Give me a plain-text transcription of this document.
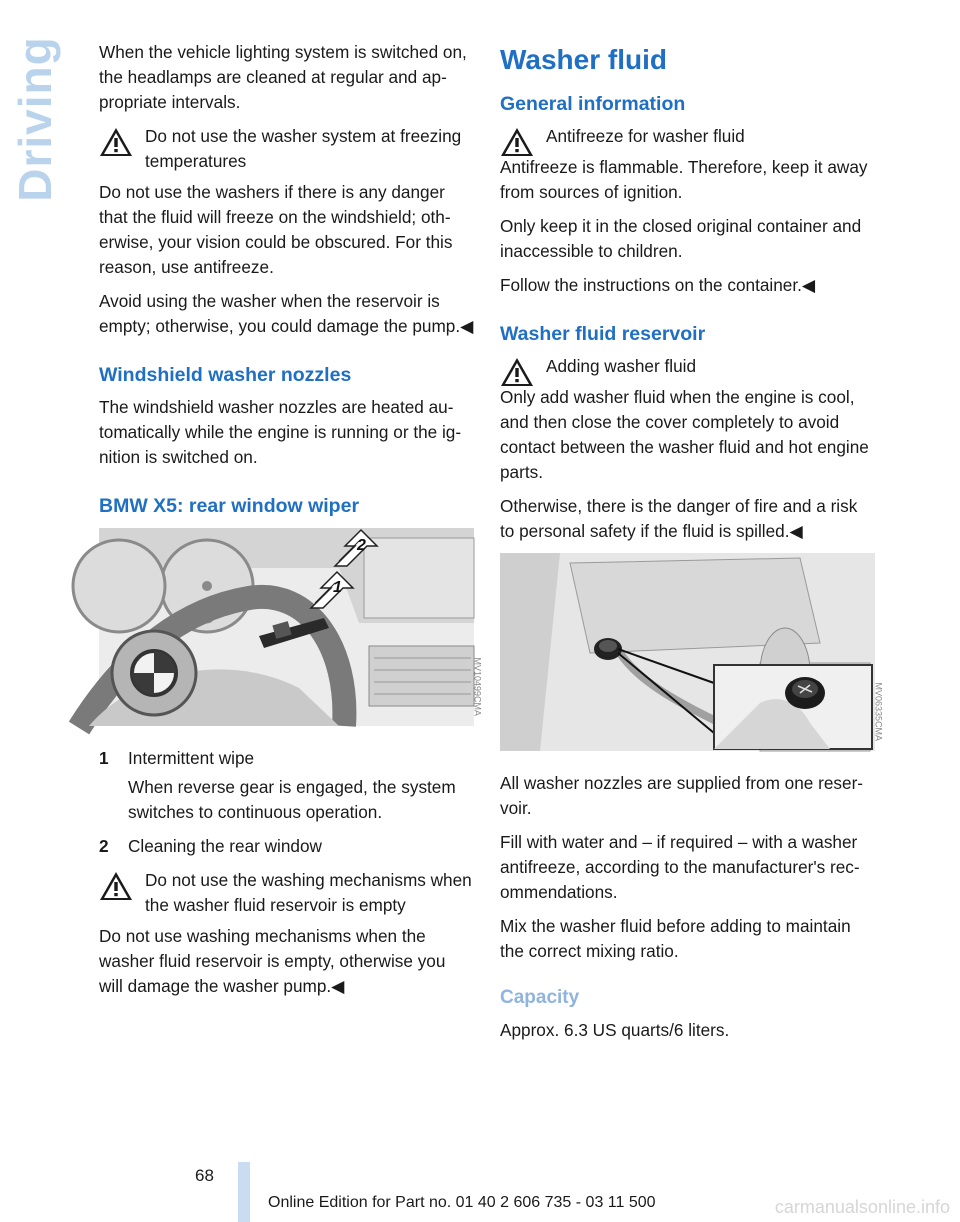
Driving When the vehicle lighting system is switched on, the headlamps are cleaned at regular and ap-propriate intervals.

Do not use the washer system at freezing temperatures

Do not use the washers if there is any danger that the fluid will freeze on the windshield; oth-erwise, your vision could be obscured. For this reason, use antifreeze.

Avoid using the washer when the reservoir is empty; otherwise, you could damage the pump.◀

Windshield washer nozzles

The windshield washer nozzles are heated au-tomatically while the engine is running or the ig-nition is switched on.

BMW X5: rear window wiper
1
2
MV10499CMA
1 Intermittent wipe

When reverse gear is engaged, the system switches to continuous operation.

2 Cleaning the rear window

Do not use the washing mechanisms when the washer fluid reservoir is empty

Do not use washing mechanisms when the washer fluid reservoir is empty, otherwise you will damage the washer pump.◀

Washer fluid
General information

Antifreeze for washer fluid

Antifreeze is flammable. Therefore, keep it away from sources of ignition.

Only keep it in the closed original container and inaccessible to children.

Follow the instructions on the container.◀

Washer fluid reservoir

Adding washer fluid

Only add washer fluid when the engine is cool, and then close the cover completely to avoid contact between the washer fluid and hot engine parts.

Otherwise, there is the danger of fire and a risk to personal safety if the fluid is spilled.◀

MV06335CMA

All washer nozzles are supplied from one reser-voir.

Fill with water and – if required – with a washer antifreeze, according to the manufacturer's rec-ommendations.

Mix the washer fluid before adding to maintain the correct mixing ratio.

Capacity

Approx. 6.3 US quarts/6 liters.

68
Online Edition for Part no. 01 40 2 606 735 - 03 11 500	carmanualsonline.info
